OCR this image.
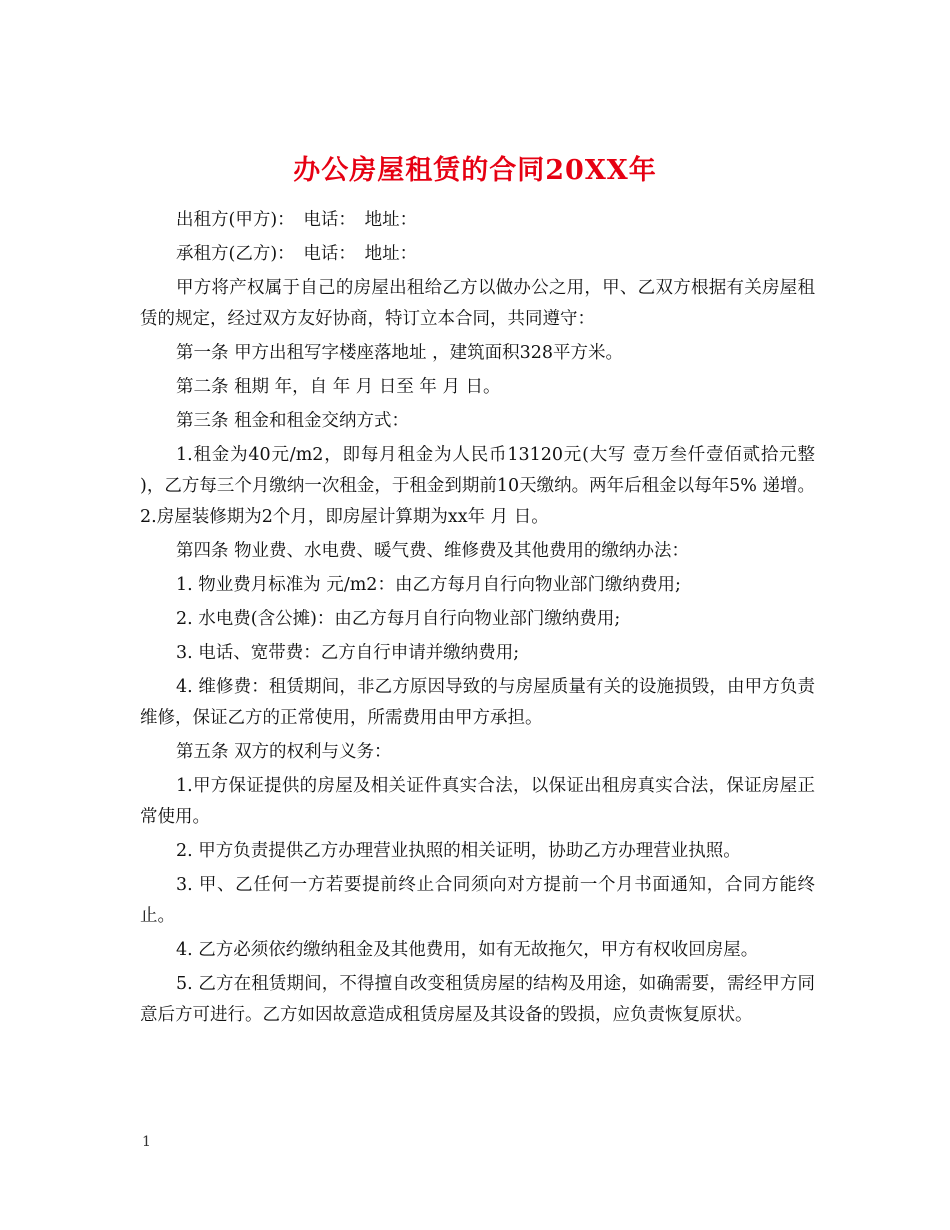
办公房屋租赁的合同20XX年

出租方(甲方)：　电话：　地址：

承租方(乙方)：　电话：　地址：

甲方将产权属于自己的房屋出租给乙方以做办公之用，甲、乙双方根据有关房屋租赁的规定，经过双方友好协商，特订立本合同，共同遵守：

第一条 甲方出租写字楼座落地址 ，建筑面积328平方米。

第二条 租期 年，自 年 月 日至 年 月 日。

第三条 租金和租金交纳方式：

1.租金为40元/m2，即每月租金为人民币13120元(大写 壹万叁仟壹佰贰拾元整 )，乙方每三个月缴纳一次租金，于租金到期前10天缴纳。两年后租金以每年5% 递增。 2.房屋装修期为2个月，即房屋计算期为xx年 月 日。

第四条 物业费、水电费、暖气费、维修费及其他费用的缴纳办法：

1. 物业费月标准为 元/m2：由乙方每月自行向物业部门缴纳费用;

2. 水电费(含公摊)：由乙方每月自行向物业部门缴纳费用;

3. 电话、宽带费：乙方自行申请并缴纳费用;

4. 维修费：租赁期间，非乙方原因导致的与房屋质量有关的设施损毁，由甲方负责维修，保证乙方的正常使用，所需费用由甲方承担。

第五条 双方的权利与义务：

1.甲方保证提供的房屋及相关证件真实合法，以保证出租房真实合法，保证房屋正常使用。

2. 甲方负责提供乙方办理营业执照的相关证明，协助乙方办理营业执照。

3. 甲、乙任何一方若要提前终止合同须向对方提前一个月书面通知，合同方能终止。

4. 乙方必须依约缴纳租金及其他费用，如有无故拖欠，甲方有权收回房屋。

5. 乙方在租赁期间，不得擅自改变租赁房屋的结构及用途，如确需要，需经甲方同意后方可进行。乙方如因故意造成租赁房屋及其设备的毁损，应负责恢复原状。

1
